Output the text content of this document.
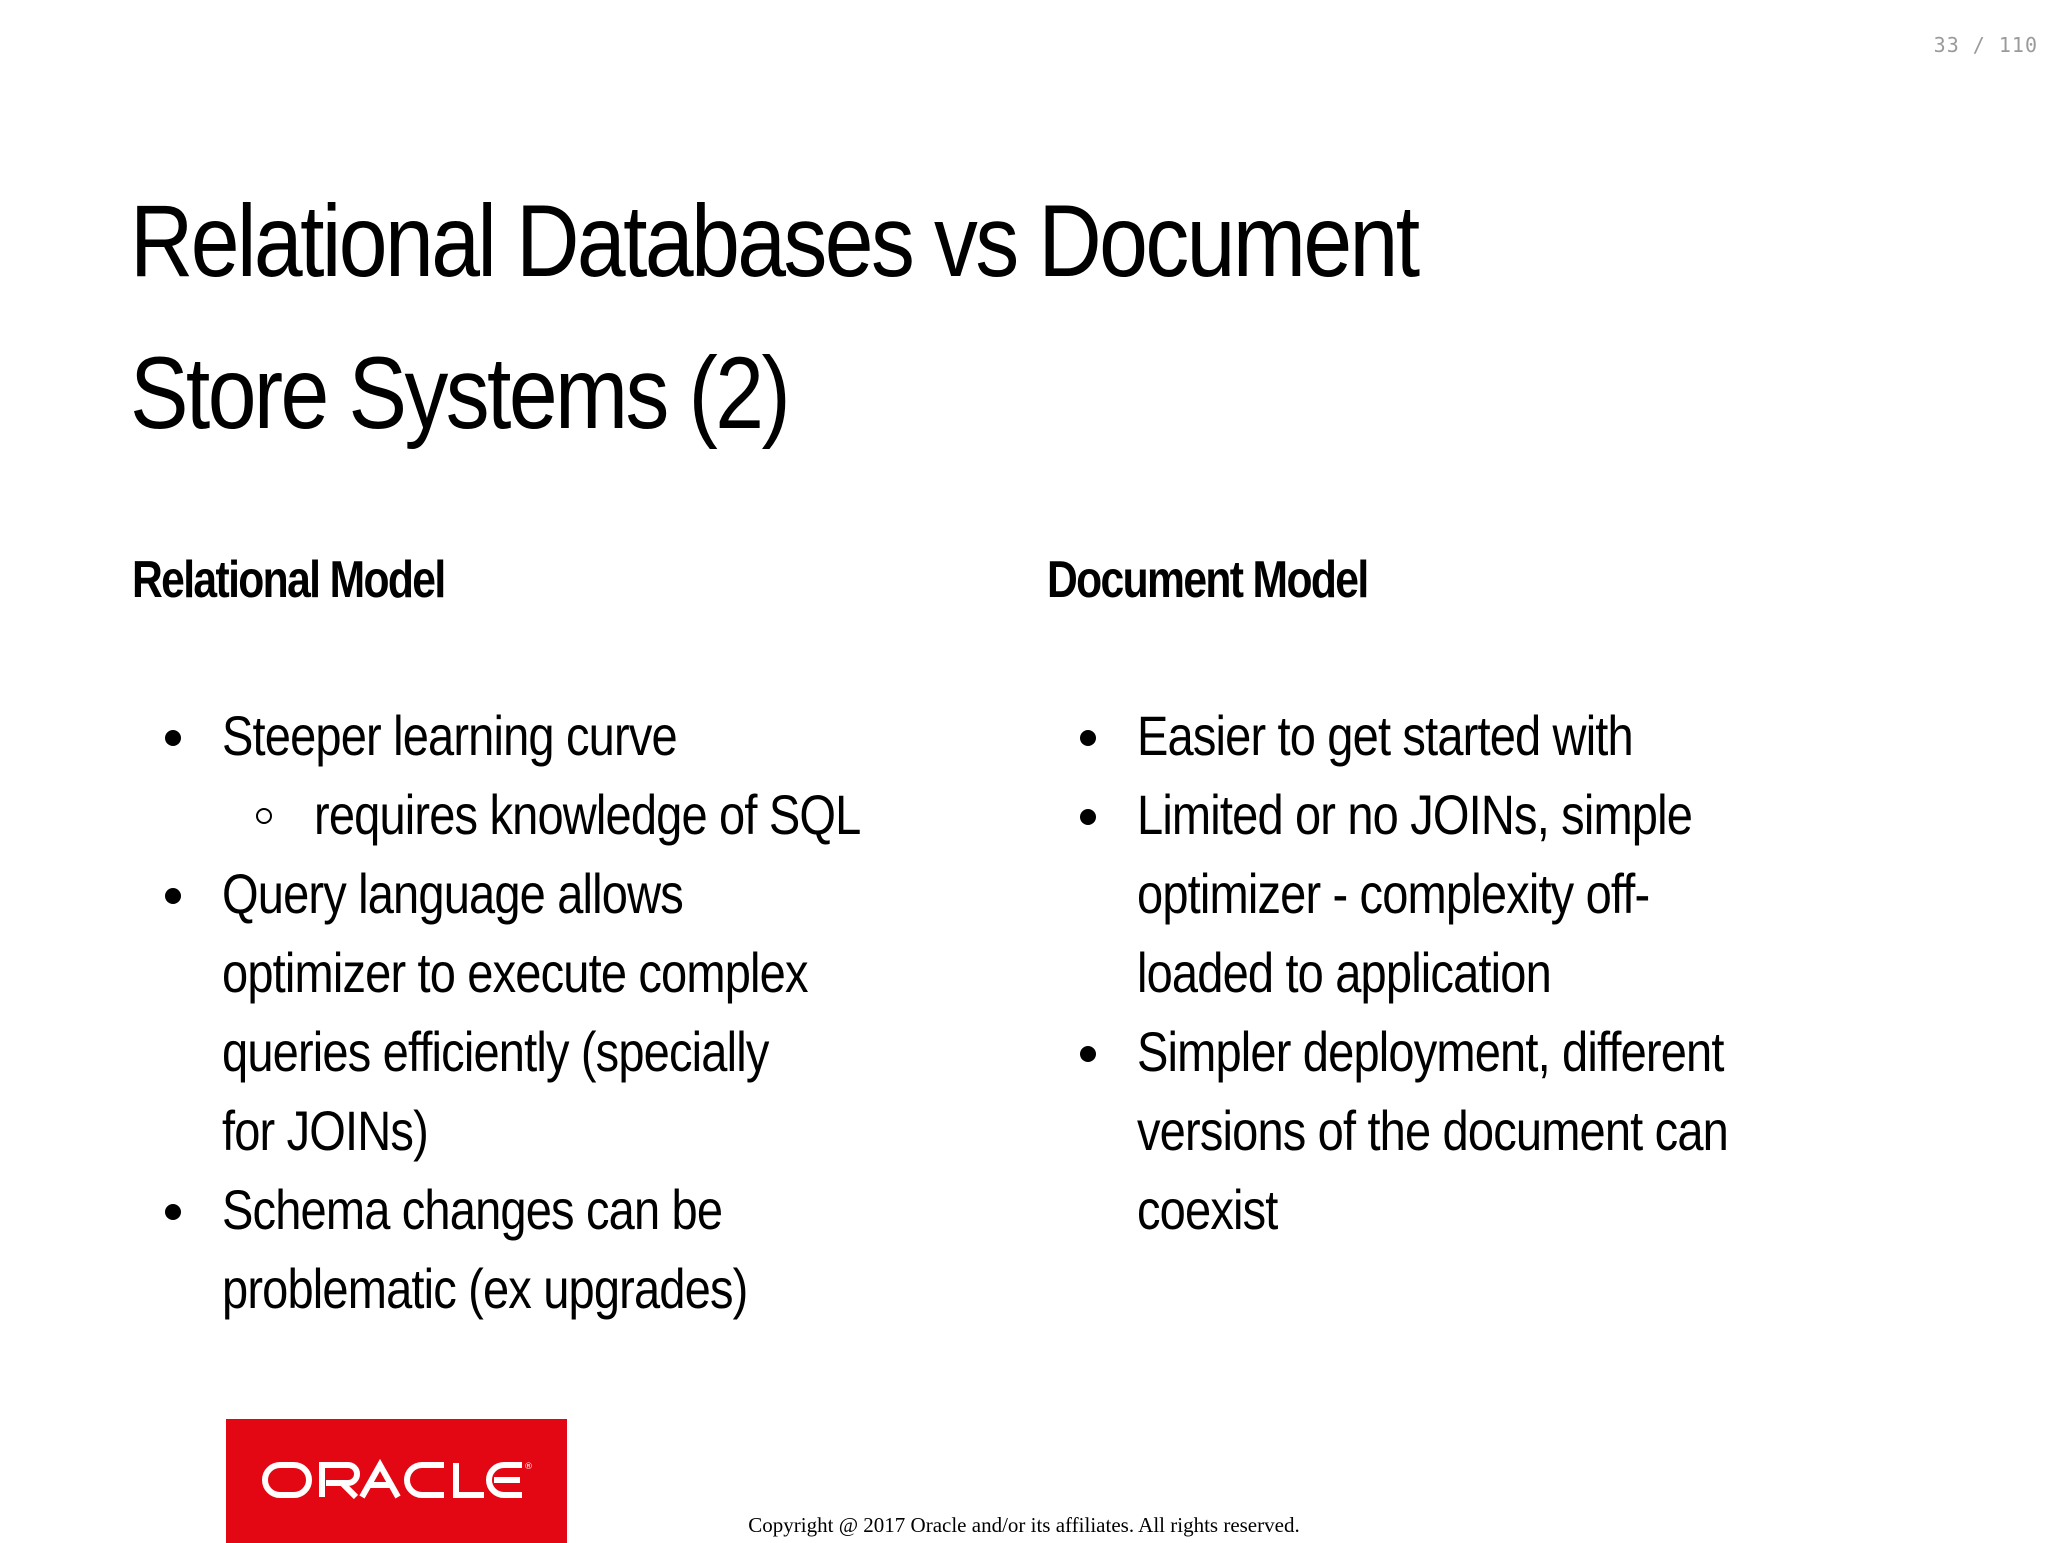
33 / 110
Relational Databases vs Document Store Systems (2)
Relational Model
Steeper learning curve
requires knowledge of SQL
Query language allows optimizer to execute complex queries efficiently (specially for JOINs)
Schema changes can be problematic (ex upgrades)
Document Model
Easier to get started with
Limited or no JOINs, simple optimizer - complexity off-loaded to application
Simpler deployment, different versions of the document can coexist
®
Copyright @ 2017 Oracle and/or its affiliates. All rights reserved.
